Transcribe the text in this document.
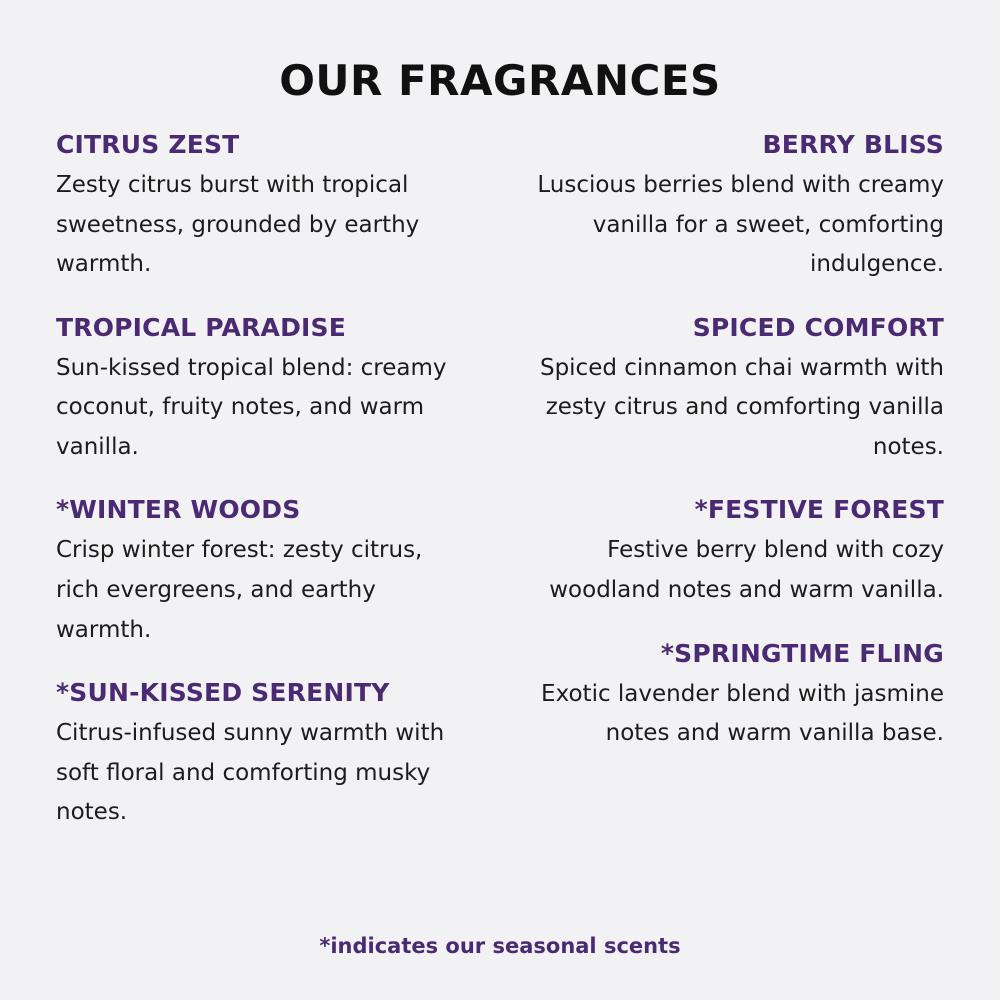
OUR FRAGRANCES

CITRUS ZEST

Zesty citrus burst with tropical sweetness, grounded by earthy warmth.

TROPICAL PARADISE

Sun-kissed tropical blend: creamy coconut, fruity notes, and warm vanilla.

*WINTER WOODS

Crisp winter forest: zesty citrus, rich evergreens, and earthy warmth.

*SUN-KISSED SERENITY

Citrus-infused sunny warmth with soft floral and comforting musky notes.

BERRY BLISS

Luscious berries blend with creamy vanilla for a sweet, comforting indulgence.

SPICED COMFORT

Spiced cinnamon chai warmth with zesty citrus and comforting vanilla notes.

*FESTIVE FOREST

Festive berry blend with cozy woodland notes and warm vanilla.

*SPRINGTIME FLING

Exotic lavender blend with jasmine notes and warm vanilla base.

*indicates our seasonal scents
